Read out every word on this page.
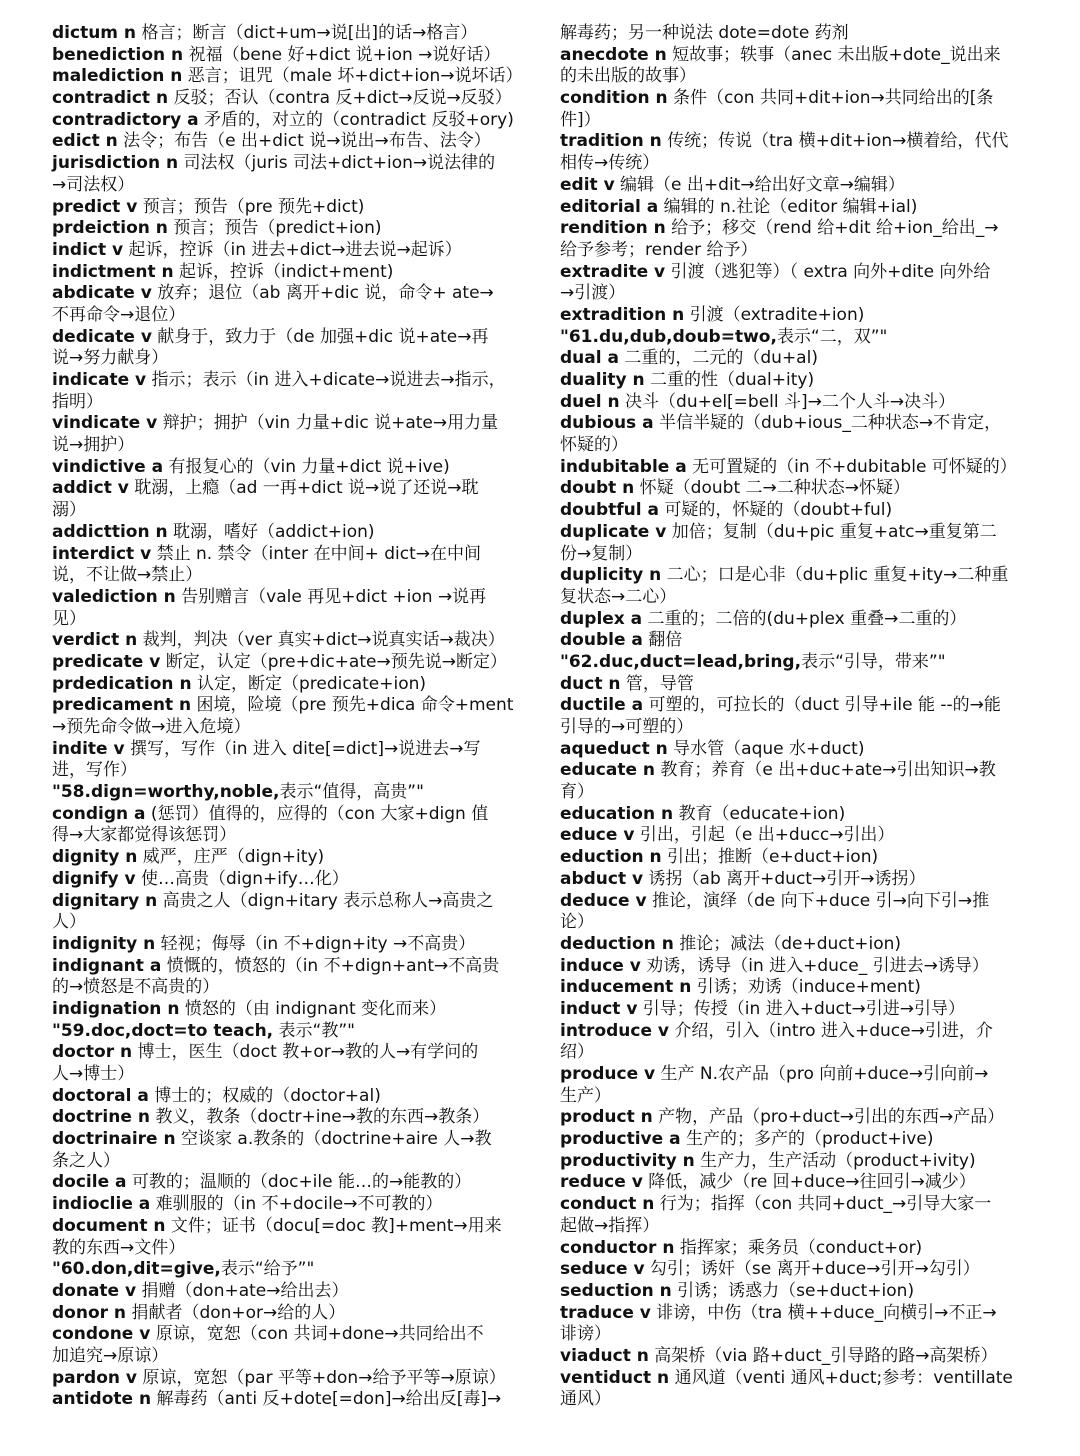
dictum n 格言；断言（dict+um→说[出]的话→格言）
benediction n 祝福（bene 好+dict 说+ion →说好话）
malediction n 恶言；诅咒（male 坏+dict+ion→说坏话）
contradict n 反驳；否认（contra 反+dict→反说→反驳）
contradictory a 矛盾的，对立的（contradict 反驳+ory)
edict n 法令；布告（e 出+dict 说→说出→布告、法令）
jurisdiction n 司法权（juris 司法+dict+ion→说法律的
→司法权）
predict v 预言；预告（pre 预先+dict)
prdeiction n 预言；预告（predict+ion)
indict v 起诉，控诉（in 进去+dict→进去说→起诉）
indictment n 起诉，控诉（indict+ment)
abdicate v 放弃；退位（ab 离开+dic 说，命令+ ate→
不再命令→退位）
dedicate v 献身于，致力于（de 加强+dic 说+ate→再
说→努力献身）
indicate v 指示；表示（in 进入+dicate→说进去→指示，
指明）
vindicate v 辩护；拥护（vin 力量+dic 说+ate→用力量
说→拥护）
vindictive a 有报复心的（vin 力量+dict 说+ive)
addict v 耽溺，上瘾（ad 一再+dict 说→说了还说→耽
溺）
addicttion n 耽溺，嗜好（addict+ion)
interdict v 禁止 n. 禁令（inter 在中间+ dict→在中间
说，不让做→禁止）
valediction n 告别赠言（vale 再见+dict +ion →说再
见）
verdict n 裁判，判决（ver 真实+dict→说真实话→裁决）
predicate v 断定，认定（pre+dic+ate→预先说→断定）
prdedication n 认定，断定（predicate+ion)
predicament n 困境，险境（pre 预先+dica 命令+ment
→预先命令做→进入危境）
indite v 撰写，写作（in 进入 dite[=dict]→说进去→写
进，写作）
"58.dign=worthy,noble,表示“值得，高贵”"
condign a (惩罚）值得的，应得的（con 大家+dign 值
得→大家都觉得该惩罚）
dignity n 威严，庄严（dign+ity)
dignify v 使…高贵（dign+ify…化）
dignitary n 高贵之人（dign+itary 表示总称人→高贵之
人）
indignity n 轻视；侮辱（in 不+dign+ity →不高贵）
indignant a 愤慨的，愤怒的（in 不+dign+ant→不高贵
的→愤怒是不高贵的）
indignation n 愤怒的（由 indignant 变化而来）
"59.doc,doct=to teach, 表示“教”"
doctor n 博士，医生（doct 教+or→教的人→有学问的
人→博士）
doctoral a 博士的；权威的（doctor+al)
doctrine n 教义，教条（doctr+ine→教的东西→教条）
doctrinaire n 空谈家 a.教条的（doctrine+aire 人→教
条之人）
docile a 可教的；温顺的（doc+ile 能…的→能教的）
indioclie a 难驯服的（in 不+docile→不可教的）
document n 文件；证书（docu[=doc 教]+ment→用来
教的东西→文件）
"60.don,dit=give,表示“给予”"
donate v 捐赠（don+ate→给出去）
donor n 捐献者（don+or→给的人）
condone v 原谅，宽恕（con 共词+done→共同给出不
加追究→原谅）
pardon v 原谅，宽恕（par 平等+don→给予平等→原谅）
antidote n 解毒药（anti 反+dote[=don]→给出反[毒]→
解毒药；另一种说法 dote=dote 药剂
anecdote n 短故事；轶事（anec 未出版+dote_说出来
的未出版的故事）
condition n 条件（con 共同+dit+ion→共同给出的[条
件]）
tradition n 传统；传说（tra 横+dit+ion→横着给，代代
相传→传统）
edit v 编辑（e 出+dit→给出好文章→编辑）
editorial a 编辑的 n.社论（editor 编辑+ial)
rendition n 给予；移交（rend 给+dit 给+ion_给出_→
给予参考；render 给予）
extradite v 引渡（逃犯等）（ extra 向外+dite 向外给
→引渡）
extradition n 引渡（extradite+ion)
"61.du,dub,doub=two,表示“二，双”"
dual a 二重的，二元的（du+al)
duality n 二重的性（dual+ity)
duel n 决斗（du+el[=bell 斗]→二个人斗→决斗）
dubious a 半信半疑的（dub+ious_二种状态→不肯定，
怀疑的）
indubitable a 无可置疑的（in 不+dubitable 可怀疑的）
doubt n 怀疑（doubt 二→二种状态→怀疑）
doubtful a 可疑的，怀疑的（doubt+ful)
duplicate v 加倍；复制（du+pic 重复+atc→重复第二
份→复制）
duplicity n 二心；口是心非（du+plic 重复+ity→二种重
复状态→二心）
duplex a 二重的；二倍的(du+plex 重叠→二重的）
double a 翻倍
"62.duc,duct=lead,bring,表示“引导，带来”"
duct n 管，导管
ductile a 可塑的，可拉长的（duct 引导+ile 能 --的→能
引导的→可塑的）
aqueduct n 导水管（aque 水+duct)
educate n 教育；养育（e 出+duc+ate→引出知识→教
育）
education n 教育（educate+ion)
educe v 引出，引起（e 出+ducc→引出）
eduction n 引出；推断（e+duct+ion)
abduct v 诱拐（ab 离开+duct→引开→诱拐）
deduce v 推论，演绎（de 向下+duce 引→向下引→推
论）
deduction n 推论；减法（de+duct+ion)
induce v 劝诱，诱导（in 进入+duce_ 引进去→诱导）
inducement n 引诱；劝诱（induce+ment)
induct v 引导；传授（in 进入+duct→引进→引导）
introduce v 介绍，引入（intro 进入+duce→引进，介
绍）
produce v 生产 N.农产品（pro 向前+duce→引向前→
生产）
product n 产物，产品（pro+duct→引出的东西→产品）
productive a 生产的；多产的（product+ive)
productivity n 生产力，生产活动（product+ivity)
reduce v 降低，减少（re 回+duce→往回引→减少）
conduct n 行为；指挥（con 共同+duct_→引导大家一
起做→指挥）
conductor n 指挥家；乘务员（conduct+or)
seduce v 勾引；诱奸（se 离开+duce→引开→勾引）
seduction n 引诱；诱惑力（se+duct+ion)
traduce v 诽谤，中伤（tra 横++duce_向横引→不正→
诽谤）
viaduct n 高架桥（via 路+duct_引导路的路→高架桥）
ventiduct n 通风道（venti 通风+duct;参考：ventillate
通风）
